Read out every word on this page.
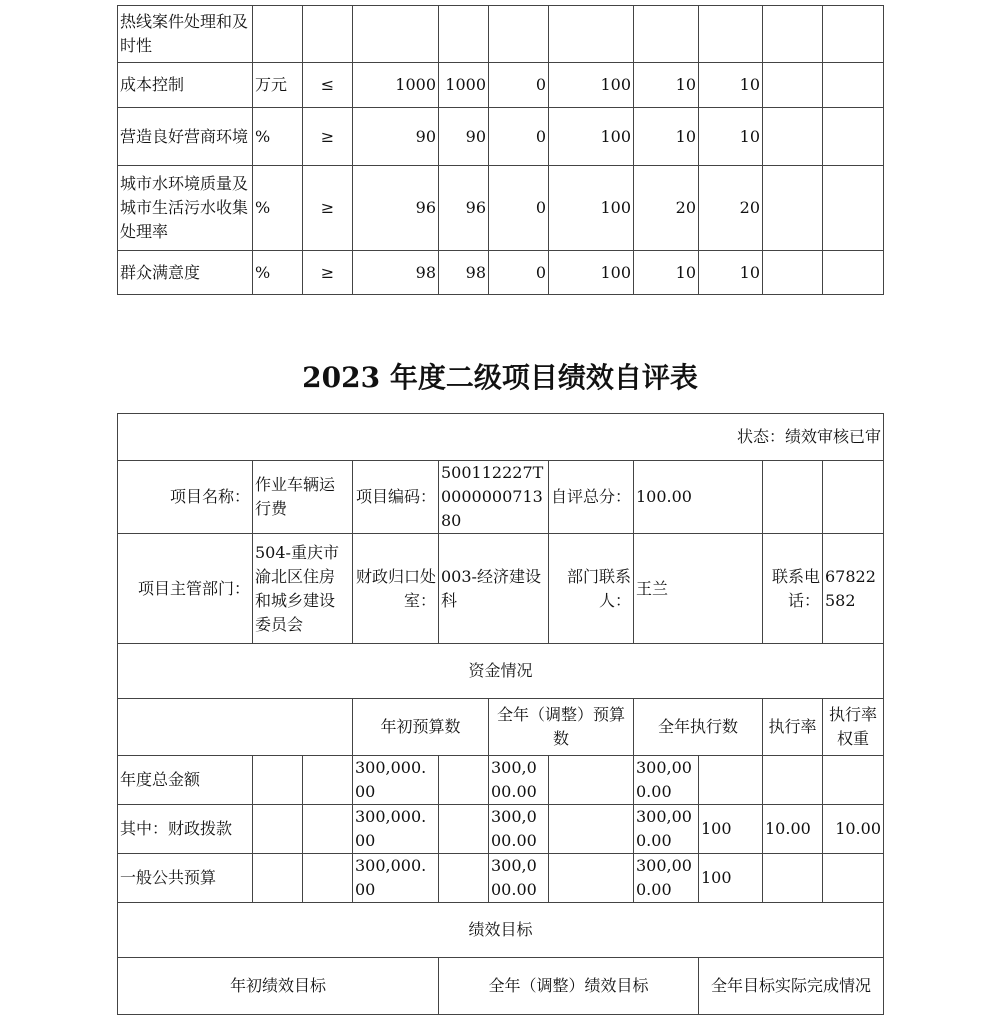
热线案件处理和及时性										
成本控制	万元	≤	1000	1000	0	100	10	10		
营造良好营商环境	%	≥	90	90	0	100	10	10		
城市水环境质量及城市生活污水收集处理率	%	≥	96	96	0	100	20	20		
群众满意度	%	≥	98	98	0	100	10	10		
2023 年度二级项目绩效自评表
状态：绩效审核已审										
项目名称：	作业车辆运行费		项目编码：	500112227T000000071380		自评总分：	100.00			
项目主管部门：	504-重庆市渝北区住房和城乡建设委员会		财政归口处室：	003-经济建设科		部门联系人：	王兰		联系电话：	67822582
资金情况										
			年初预算数		全年（调整）预算数		全年执行数		执行率	执行率权重
年度总金额			300,000.00		300,000.00		300,000.00			
其中：财政拨款			300,000.00		300,000.00		300,000.00	100	10.00	10.00
一般公共预算			300,000.00		300,000.00		300,000.00	100		
绩效目标										
年初绩效目标				全年（调整）绩效目标				全年目标实际完成情况		
